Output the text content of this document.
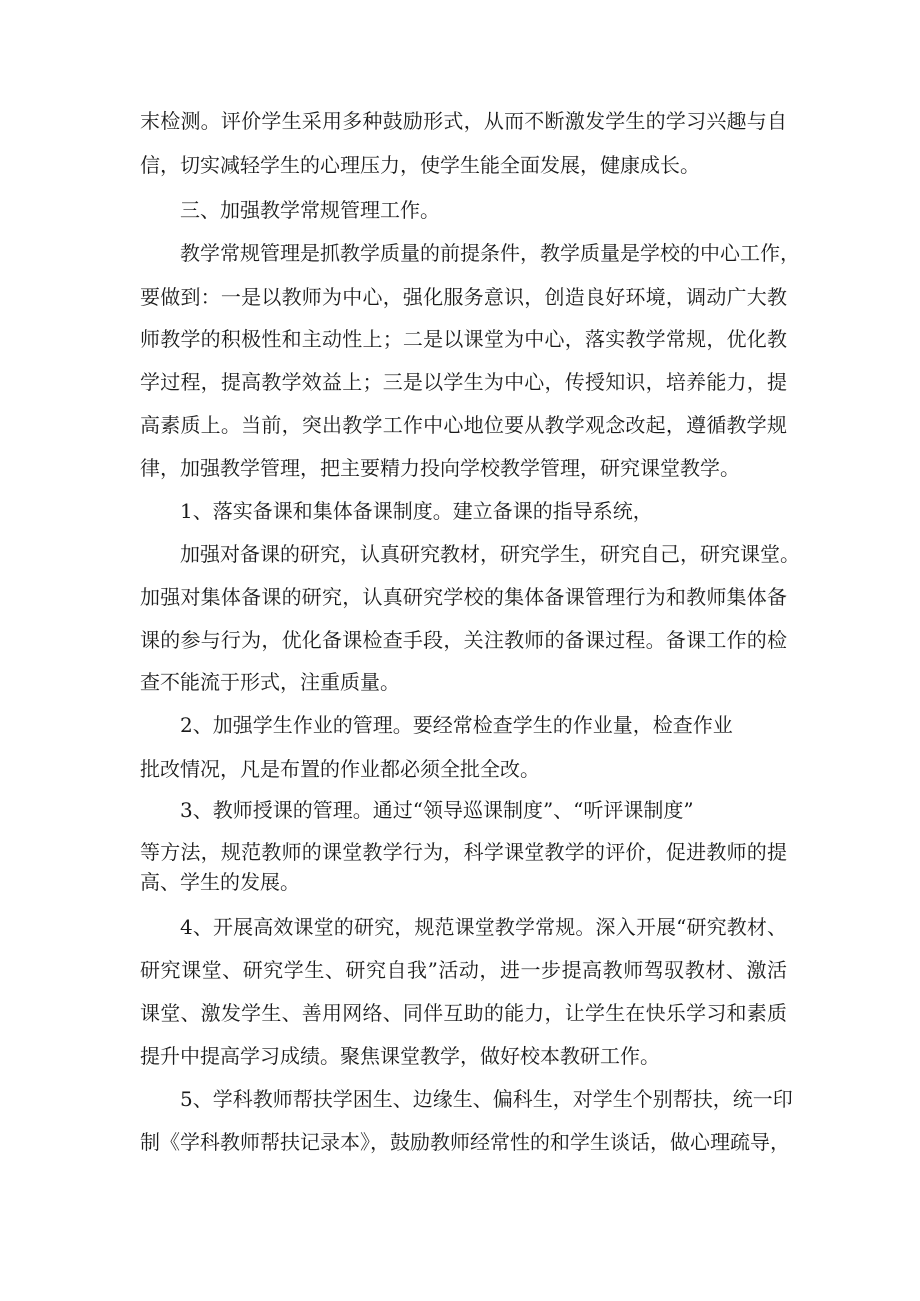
末检测。评价学生采用多种鼓励形式，从而不断激发学生的学习兴趣与自
信，切实减轻学生的心理压力，使学生能全面发展，健康成长。
三、加强教学常规管理工作。
教学常规管理是抓教学质量的前提条件，教学质量是学校的中心工作，
要做到：一是以教师为中心，强化服务意识，创造良好环境，调动广大教
师教学的积极性和主动性上；二是以课堂为中心，落实教学常规，优化教
学过程，提高教学效益上；三是以学生为中心，传授知识，培养能力，提
高素质上。当前，突出教学工作中心地位要从教学观念改起，遵循教学规
律，加强教学管理，把主要精力投向学校教学管理，研究课堂教学。
1、落实备课和集体备课制度。建立备课的指导系统，
加强对备课的研究，认真研究教材，研究学生，研究自己，研究课堂。
加强对集体备课的研究，认真研究学校的集体备课管理行为和教师集体备
课的参与行为，优化备课检查手段，关注教师的备课过程。备课工作的检
查不能流于形式，注重质量。
2、加强学生作业的管理。要经常检查学生的作业量，检查作业
批改情况，凡是布置的作业都必须全批全改。
3、教师授课的管理。通过“领导巡课制度”、“听评课制度”
等方法，规范教师的课堂教学行为，科学课堂教学的评价，促进教师的提
高、学生的发展。
4、开展高效课堂的研究，规范课堂教学常规。深入开展“研究教材、
研究课堂、研究学生、研究自我”活动，进一步提高教师驾驭教材、激活
课堂、激发学生、善用网络、同伴互助的能力，让学生在快乐学习和素质
提升中提高学习成绩。聚焦课堂教学，做好校本教研工作。
5、学科教师帮扶学困生、边缘生、偏科生，对学生个别帮扶，统一印
制《学科教师帮扶记录本》，鼓励教师经常性的和学生谈话，做心理疏导，
